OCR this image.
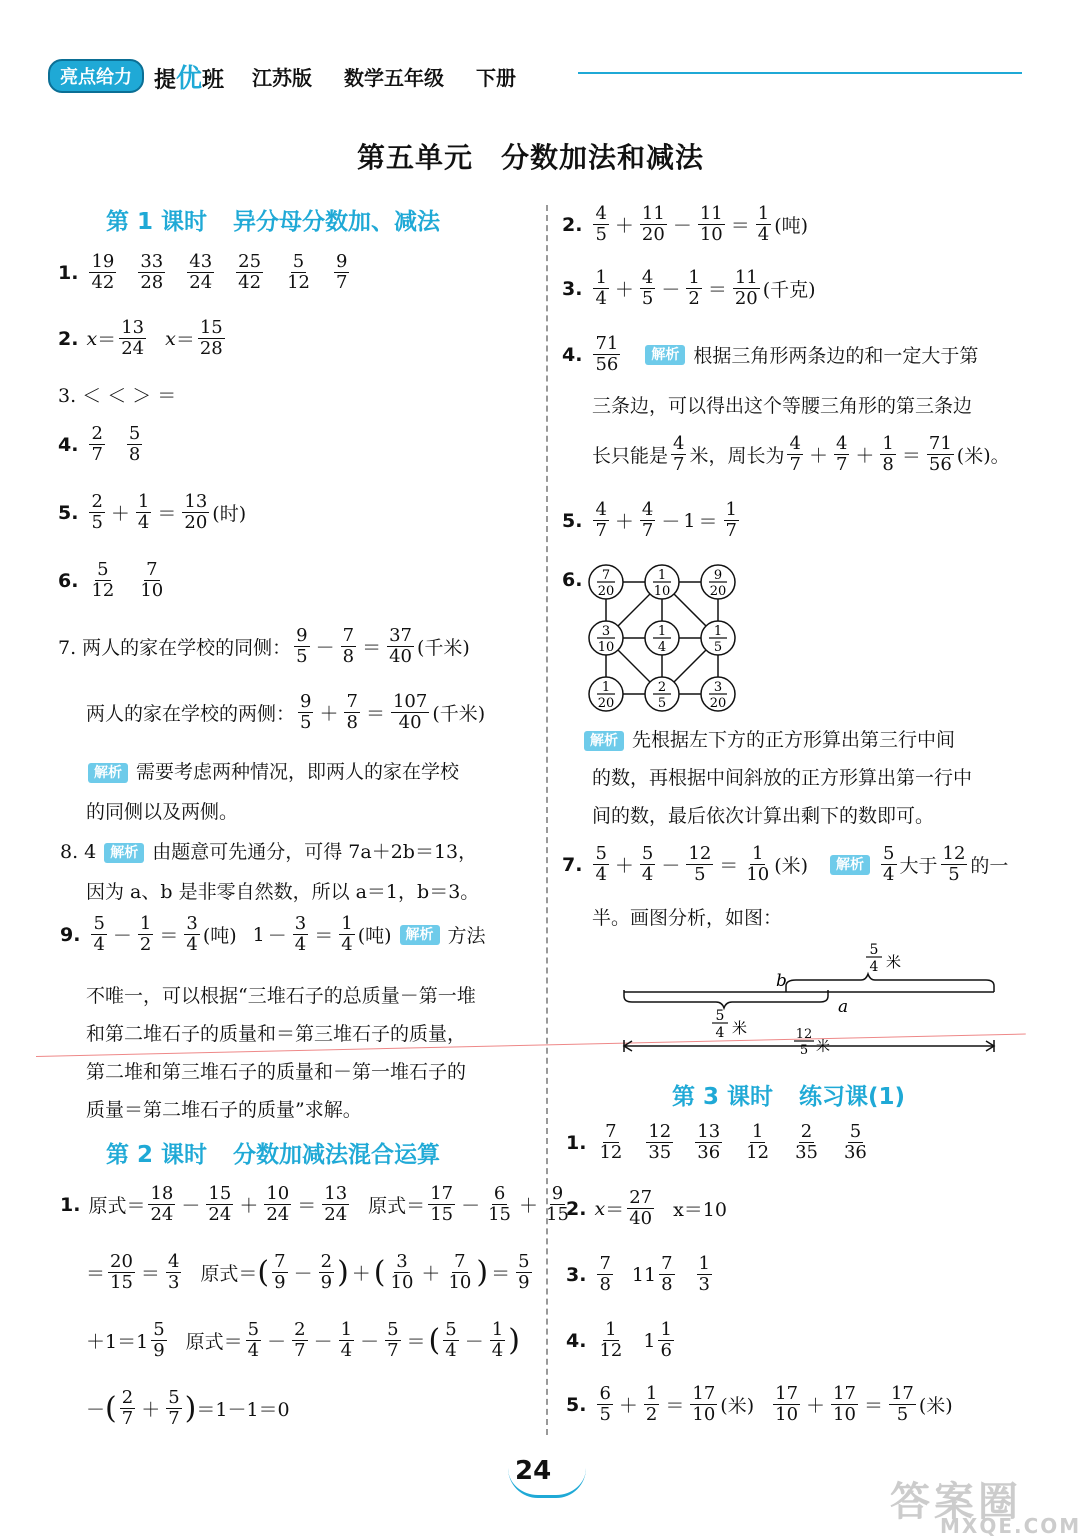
亮点给力	提优班 江苏版 数学五年级 下册
第五单元 分数加法和减法
第 1 课时 异分母分数加、减法
1. 19
42
33
28
43
24
25
42
5
12
9
7
2. x ＝
13
24 x ＝
15
28
3. ＜ ＜ ＞ ＝
4. 2
7
5
8
5. 2
5 ＋
1
4 ＝
13
20 (时)
6. 5
12
7
10
7. 两人的家在学校的同侧：
9
5 －
7
8 ＝
37
40 (千米)
两人的家在学校的两侧：
9
5 ＋
7
8 ＝
107
40 (千米)
解析 需要考虑两种情况，即两人的家在学校
的同侧以及两侧。
8. 4 解析 由题意可先通分，可得 7a＋2b＝13，
因为 a、b 是非零自然数，所以 a＝1，b＝3。
9. 5
4 －
1
2 ＝
3
4 (吨) 1 －
3
4 ＝
1
4 (吨)	解析 方法
不唯一，可以根据“三堆石子的总质量－第一堆
和第二堆石子的质量和＝第三堆石子的质量，
第二堆和第三堆石子的质量和－第一堆石子的
质量＝第二堆石子的质量”求解。
第 2 课时 分数加减法混合运算
1. 原式 ＝
18
24 －
15
24 ＋
10
24 ＝
13
24 原式 ＝
17
15 －
6
15 ＋
9
15
＝
20
15 ＝
4
3 原式 ＝ ( 7
9 －
2
9 ) ＋ ( 3
10 ＋
7
10 ) ＝
5
9
＋1＝1
5
9 原式 ＝
5
4 －
2
7 －
1
4 －
5
7 ＝ ( 5
4 －
1
4 )
－ ( 2
7 ＋
5
7 ) ＝1－1＝0
2. 4
5 ＋
11
20 －
11
10 ＝
1
4 (吨)
3. 1
4 ＋
4
5 －
1
2 ＝
11
20 (千克)
4. 71
56	解析 根据三角形两条边的和一定大于第
三条边，可以得出这个等腰三角形的第三条边
长只能是
4
7 米，周长为
4
7 ＋
4
7 ＋
1
8 ＝
71
56 (米)。
5. 4
7 ＋
4
7 － 1 ＝
1
7
6. 7
20
1
10
9
20
3
10
1
4
1
5
1
20
2
5
3
20
解析 先根据左下方的正方形算出第三行中间
的数，再根据中间斜放的正方形算出第一行中
间的数，最后依次计算出剩下的数即可。
7. 5
4 ＋
5
4 －
12
5 ＝
1
10 (米)	解析
5
4 大于
12
5 的一
半。画图分析，如图：
5
4 米
b
a
5
4 米	12
5 米
第 3 课时 练习课(1)
1. 7
12
12
35
13
36
1
12
2
35
5
36
2. x ＝
27
40 x＝10
3. 7
8 11 7
8
1
3
4. 1
12 1 1
6
5. 6
5 ＋
1
2 ＝
17
10 (米)
17
10 ＋
17
10 ＝
17
5 (米)
24
答案圈
MXQE.COM
